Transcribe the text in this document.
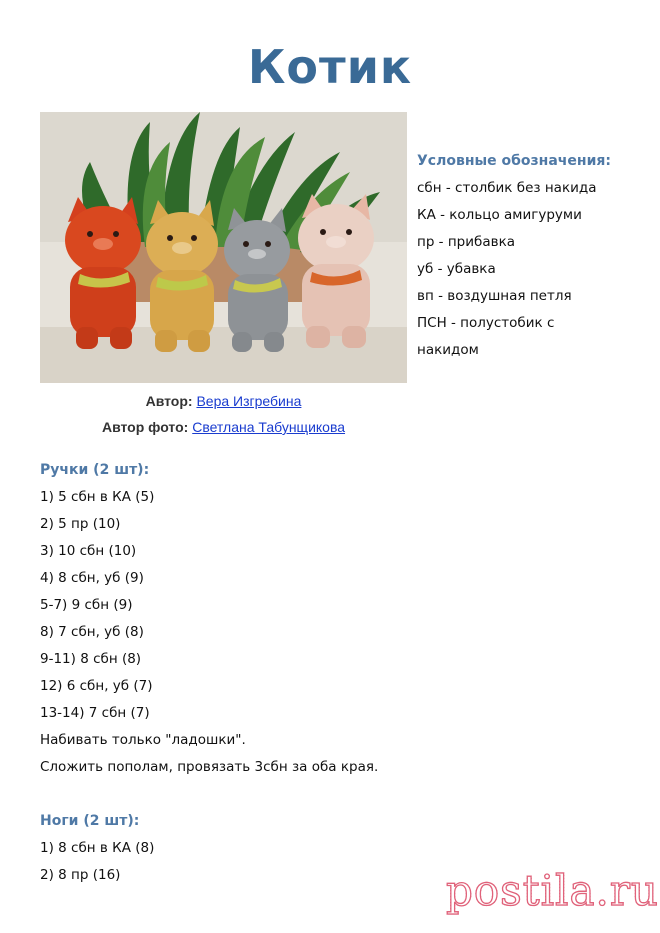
Котик
Условные обозначения:
сбн - столбик без накида
КА - кольцо амигуруми
пр - прибавка
уб - убавка
вп - воздушная петля
ПСН - полустобик с
накидом
Автор: Вера Изгребина
Автор фото: Светлана Табунщикова
Ручки (2 шт):
1) 5 сбн в КА (5)
2) 5 пр (10)
3) 10 сбн (10)
4) 8 сбн, уб (9)
5-7) 9 сбн (9)
8) 7 сбн, уб (8)
9-11) 8 сбн (8)
12) 6 сбн, уб (7)
13-14) 7 сбн (7)
Набивать только "ладошки".
Сложить пополам, провязать 3сбн за оба края.
Ноги (2 шт):
1) 8 сбн в КА (8)
2) 8 пр (16)	postila.ru
